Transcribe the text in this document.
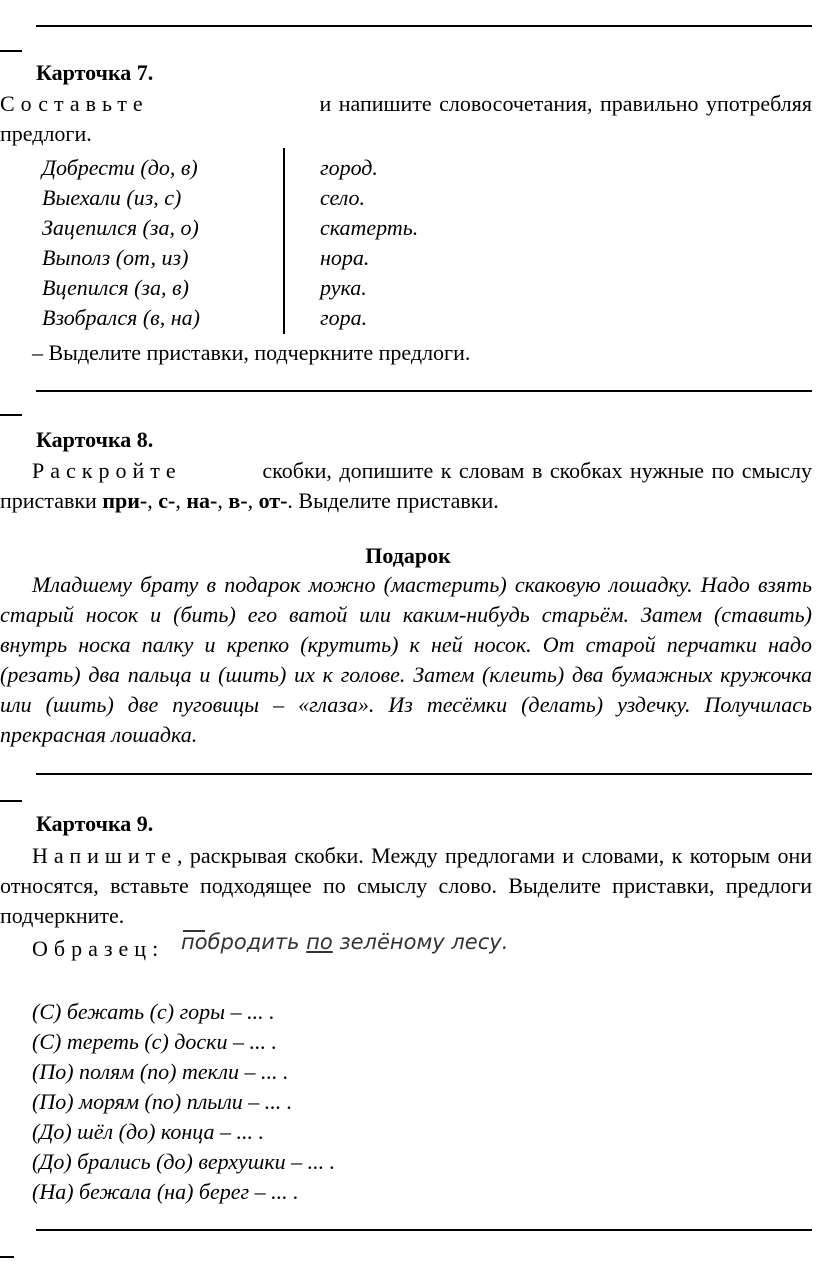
Карточка 7.
Составьте	и напишите словосочетания, правильно употребляя
предлоги.
Добрести (до, в)	город.
Выехали (из, с)	село.
Зацепился (за, о)	скатерть.
Выполз (от, из)	нора.
Вцепился (за, в)	рука.
Взобрался (в, на)	гора.
– Выделите приставки, подчеркните предлоги.
Карточка 8.
Раскройте	скобки, допишите к словам в скобках нужные по смыслу
приставки при-, с-, на-, в-, от-. Выделите приставки.
Подарок
Младшему брату в подарок можно (мастерить) скаковую лошадку. Надо взять старый носок и (бить) его ватой или каким-нибудь старьём. Затем (ставить) внутрь носка палку и крепко (крутить) к ней носок. От старой перчатки надо (резать) два пальца и (шить) их к голове. Затем (клеить) два бумажных кружочка или (шить) две пуговицы – «глаза». Из тесёмки (делать) уздечку. Получилась прекрасная лошадка.
Карточка 9.
Напишите, раскрывая скобки. Между предлогами и словами, к которым они относятся, вставьте подходящее по смыслу слово. Выделите приставки, предлоги подчеркните.
Образец: побродить по зелёному лесу.
(С) бежать (с) горы – ... .
(С) тереть (с) доски – ... .
(По) полям (по) текли – ... .
(По) морям (по) плыли – ... .
(До) шёл (до) конца – ... .
(До) брались (до) верхушки – ... .
(На) бежала (на) берег – ... .
